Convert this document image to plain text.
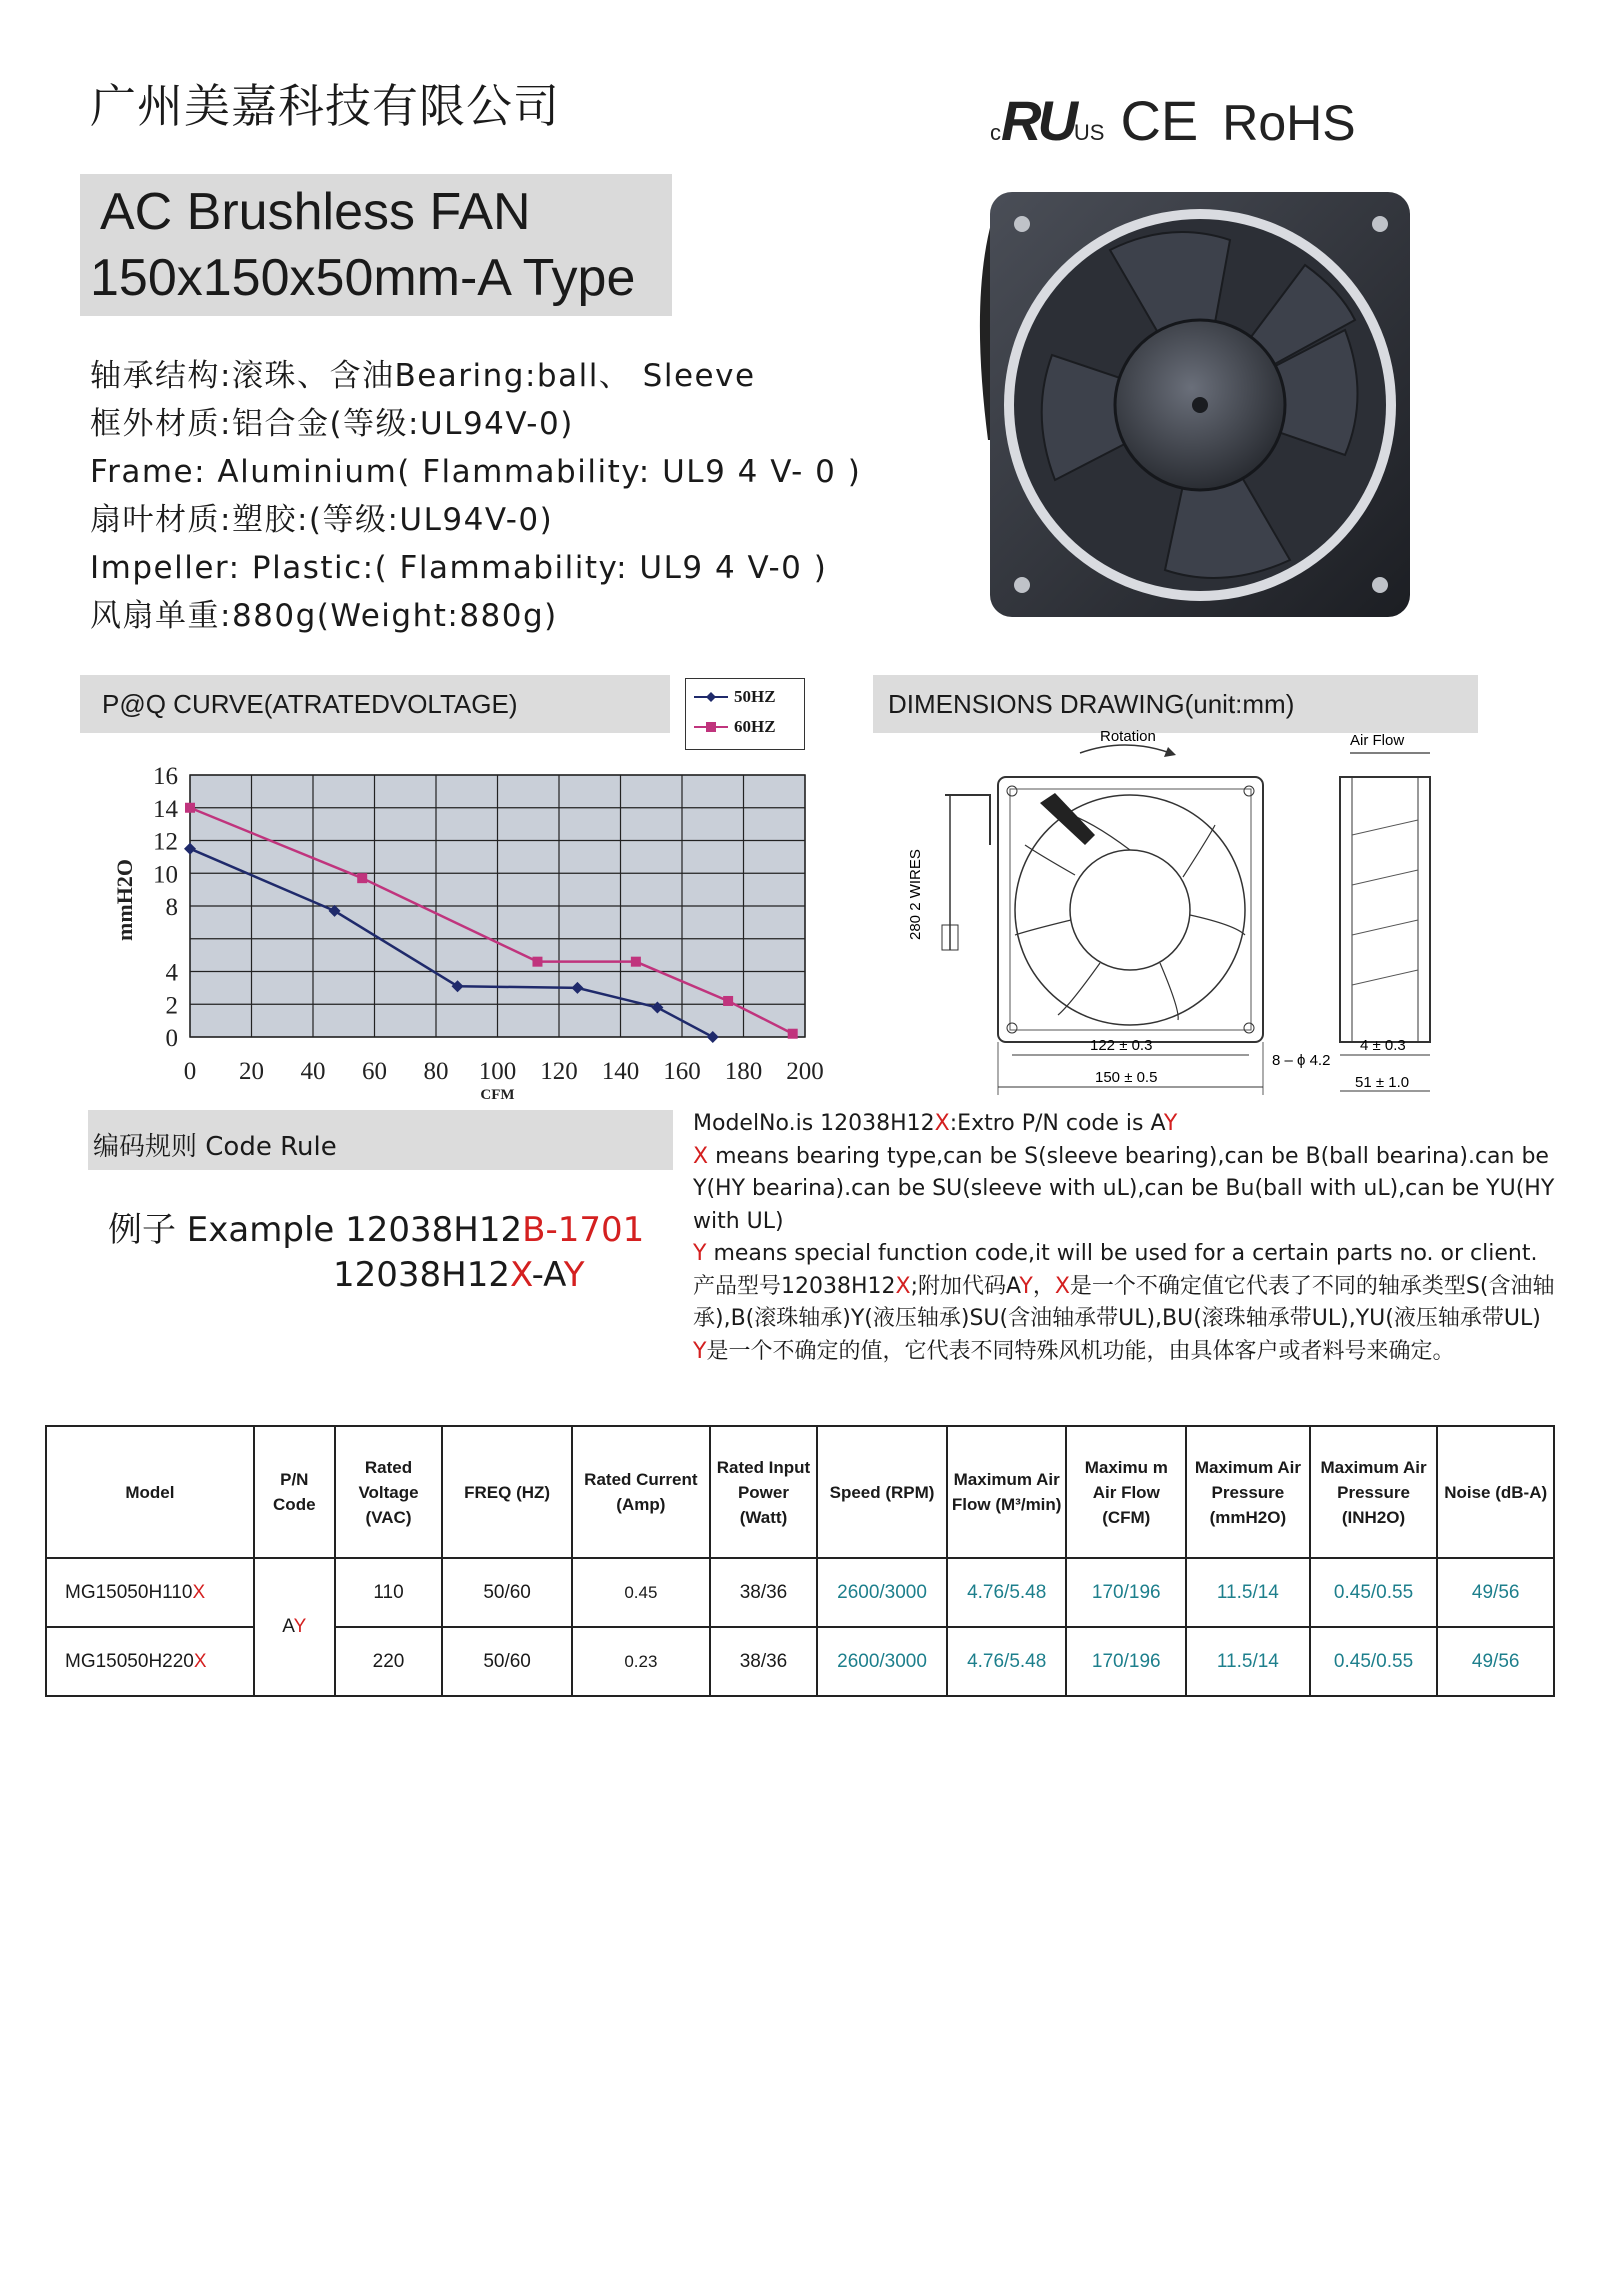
广州美嘉科技有限公司
AC Brushless FAN
150x150x50mm-A Type
cRUUS CE RoHS
轴承结构:滚珠、含油Bearing:ball、 Sleeve
框外材质:铝合金(等级:UL94V-0)
Frame: Aluminium( Flammability: UL9 4 V- 0 )
扇叶材质:塑胶:(等级:UL94V-0)
Impeller: Plastic:( Flammability: UL9 4 V-0 )
风扇单重:880g(Weight:880g)
P@Q CURVE(ATRATEDVOLTAGE)	DIMENSIONS DRAWING(unit:mm)
50HZ
60HZ
0 20 40 60 80 100 120 140 160 180 200
16
14
12
10
8
4
2
0
mmH2O
CFM
Rotation	Air Flow
280 2 WIRES
122 ± 0.3
150 ± 0.5
8 – ϕ 4.2
4 ± 0.3
51 ± 1.0
编码规则 Code Rule
例子 Example 12038H12B-1701
12038H12X-AY

ModelNo.is 12038H12X:Extro P/N code is AY

X means bearing type,can be S(sleeve bearing),can be B(ball bearina).can be Y(HY bearina).can be SU(sleeve with uL),can be Bu(ball with uL),can be YU(HY with UL)

Y means special function code,it will be used for a certain parts no. or client.

产品型号12038H12X;附加代码AY，X是一个不确定值它代表了不同的轴承类型S(含油轴承),B(滚珠轴承)Y(液压轴承)SU(含油轴承带UL),BU(滚珠轴承带UL),YU(液压轴承带UL)

Y是一个不确定的值，它代表不同特殊风机功能，由具体客户或者料号来确定。

Model	P/N Code	Rated Voltage (VAC)	FREQ (HZ)	Rated Current (Amp)	Rated Input Power (Watt)	Speed (RPM)	Maximum Air Flow (M³/min)	Maximu m Air Flow (CFM)	Maximum Air Pressure (mmH2O)	Maximum Air Pressure (INH2O)	Noise (dB-A)
MG15050H110X	AY	110	50/60	0.45	38/36	2600/3000	4.76/5.48	170/196	11.5/14	0.45/0.55	49/56
MG15050H220X		220	50/60	0.23	38/36	2600/3000	4.76/5.48	170/196	11.5/14	0.45/0.55	49/56
